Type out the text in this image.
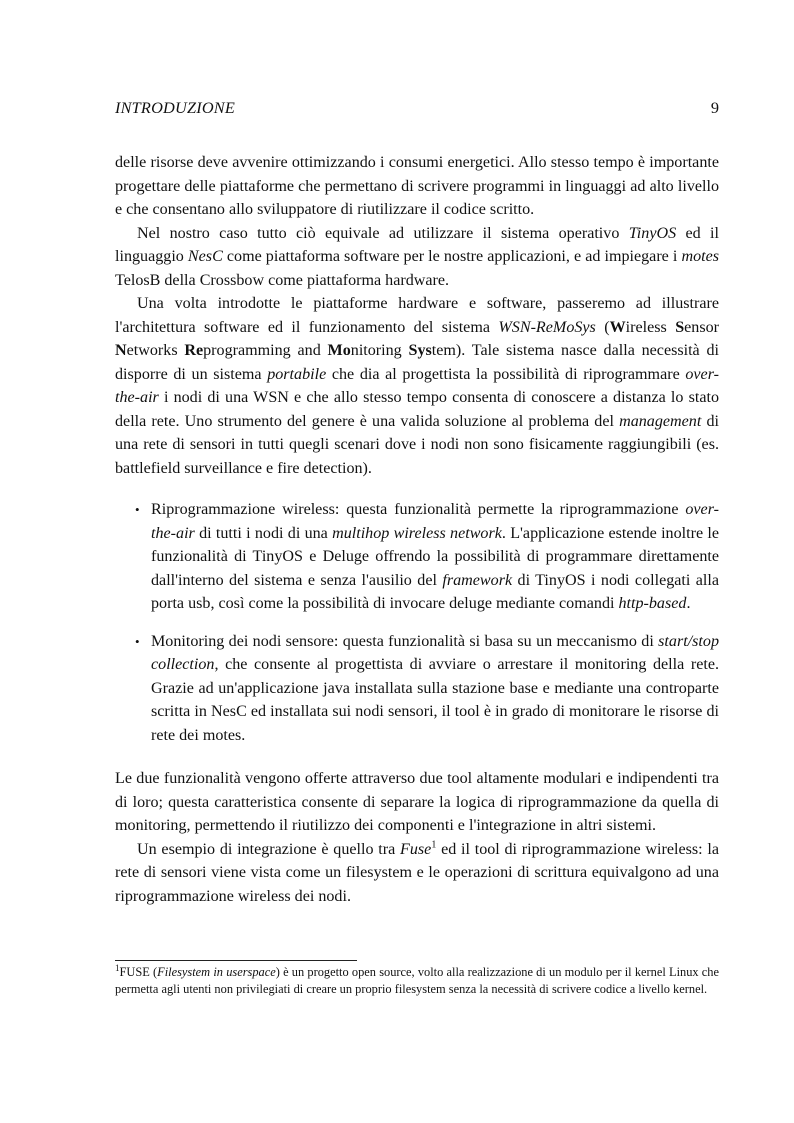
INTRODUZIONE	9

delle risorse deve avvenire ottimizzando i consumi energetici. Allo stesso tempo è importante progettare delle piattaforme che permettano di scrivere programmi in linguaggi ad alto livello e che consentano allo sviluppatore di riutilizzare il codice scritto.

Nel nostro caso tutto ciò equivale ad utilizzare il sistema operativo TinyOS ed il linguaggio NesC come piattaforma software per le nostre applicazioni, e ad impiegare i motes TelosB della Crossbow come piattaforma hardware.

Una volta introdotte le piattaforme hardware e software, passeremo ad illustrare l'architettura software ed il funzionamento del sistema WSN-ReMoSys (Wireless Sensor Networks Reprogramming and Monitoring System). Tale sistema nasce dalla necessità di disporre di un sistema portabile che dia al progettista la possibilità di riprogrammare over-the-air i nodi di una WSN e che allo stesso tempo consenta di conoscere a distanza lo stato della rete. Uno strumento del genere è una valida soluzione al problema del management di una rete di sensori in tutti quegli scenari dove i nodi non sono fisicamente raggiungibili (es. battlefield surveillance e fire detection).

• Riprogrammazione wireless: questa funzionalità permette la riprogrammazione over-the-air di tutti i nodi di una multihop wireless network. L'applicazione estende inoltre le funzionalità di TinyOS e Deluge offrendo la possibilità di programmare direttamente dall'interno del sistema e senza l'ausilio del framework di TinyOS i nodi collegati alla porta usb, così come la possibilità di invocare deluge mediante comandi http-based.
• Monitoring dei nodi sensore: questa funzionalità si basa su un meccanismo di start/stop collection, che consente al progettista di avviare o arrestare il monitoring della rete. Grazie ad un'applicazione java installata sulla stazione base e mediante una controparte scritta in NesC ed installata sui nodi sensori, il tool è in grado di monitorare le risorse di rete dei motes.

Le due funzionalità vengono offerte attraverso due tool altamente modulari e indipendenti tra di loro; questa caratteristica consente di separare la logica di riprogrammazione da quella di monitoring, permettendo il riutilizzo dei componenti e l'integrazione in altri sistemi.

Un esempio di integrazione è quello tra Fuse$^1$ ed il tool di riprogrammazione wireless: la rete di sensori viene vista come un filesystem e le operazioni di scrittura equivalgono ad una riprogrammazione wireless dei nodi.

$^1$FUSE (Filesystem in userspace) è un progetto open source, volto alla realizzazione di un modulo per il kernel Linux che permetta agli utenti non privilegiati di creare un proprio filesystem senza la necessità di scrivere codice a livello kernel.
